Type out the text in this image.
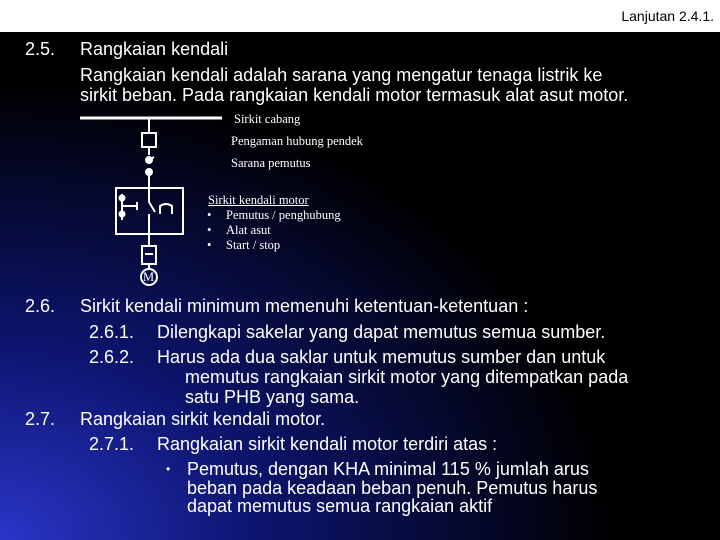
Lanjutan 2.4.1.
2.5. Rangkaian kendali
Rangkaian kendali adalah sarana yang mengatur tenaga listrik ke
sirkit beban. Pada rangkaian kendali motor termasuk alat asut motor.
Sirkit cabang
Pengaman hubung pendek
Sarana pemutus
Sirkit kendali motor
• Pemutus / penghubung
• Alat asut
• Start / stop
M
2.6. Sirkit kendali minimum memenuhi ketentuan-ketentuan :
2.6.1. Dilengkapi sakelar yang dapat memutus semua sumber.
2.6.2. Harus ada dua saklar untuk memutus sumber dan untuk
memutus rangkaian sirkit motor yang ditempatkan pada
satu PHB yang sama.
2.7. Rangkaian sirkit kendali motor.
2.7.1. Rangkaian sirkit kendali motor terdiri atas :
• Pemutus, dengan KHA minimal 115 % jumlah arus
beban pada keadaan beban penuh. Pemutus harus
dapat memutus semua rangkaian aktif
